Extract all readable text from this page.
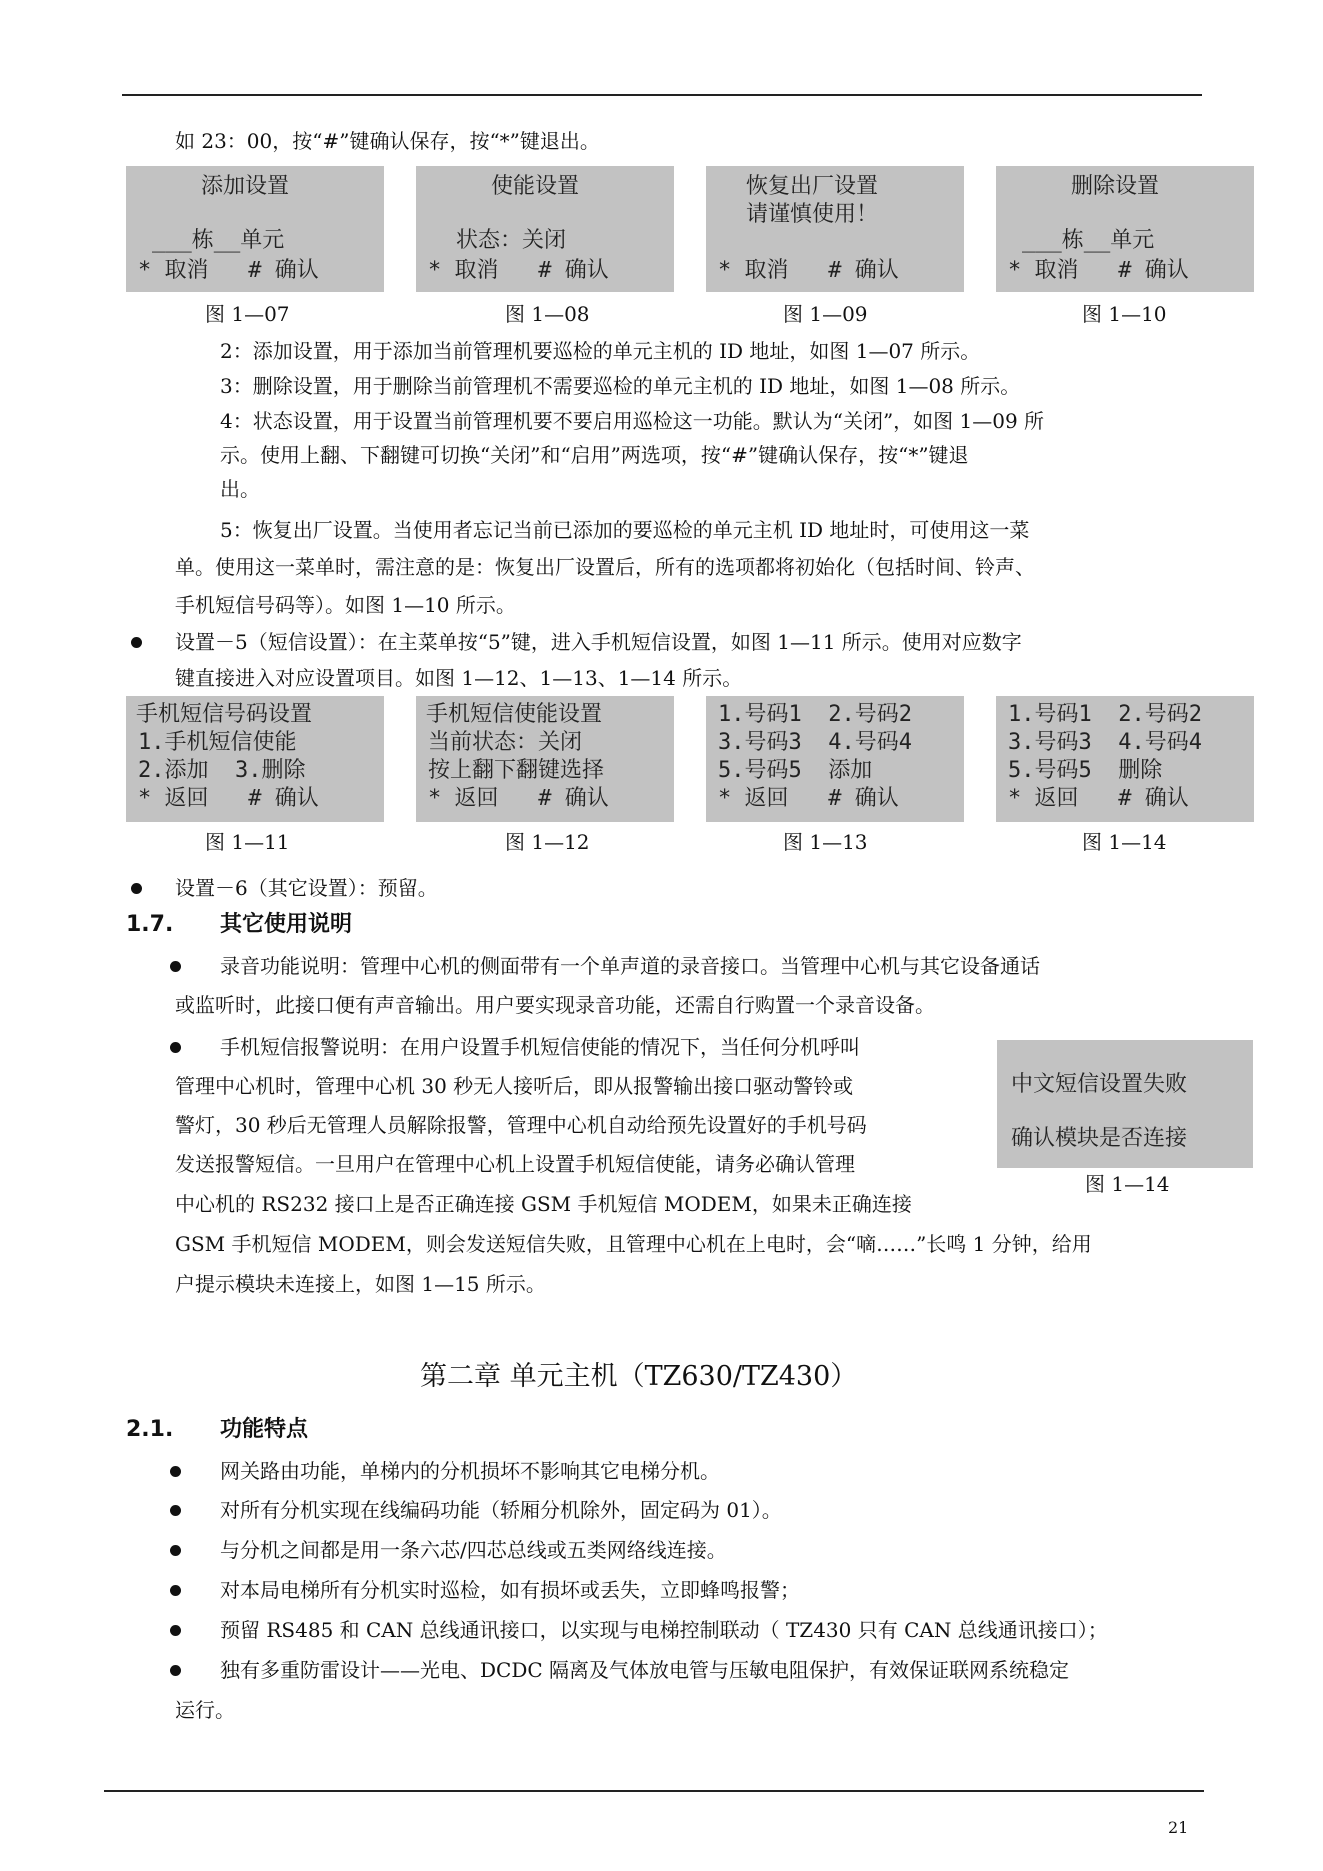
如 23：00，按“#”键确认保存，按“*”键退出。
添加设置
___栋__单元
* 取消   # 确认
图 1—07
使能设置
状态：关闭
* 取消   # 确认
图 1—08
恢复出厂设置
请谨慎使用！
* 取消   # 确认
图 1—09
删除设置
___栋__单元
* 取消   # 确认
图 1—10
2：添加设置，用于添加当前管理机要巡检的单元主机的 ID 地址，如图 1—07 所示。
3：删除设置，用于删除当前管理机不需要巡检的单元主机的 ID 地址，如图 1—08 所示。
4：状态设置，用于设置当前管理机要不要启用巡检这一功能。默认为“关闭”，如图 1—09 所
示。使用上翻、下翻键可切换“关闭”和“启用”两选项，按“#”键确认保存，按“*”键退
出。
5：恢复出厂设置。当使用者忘记当前已添加的要巡检的单元主机 ID 地址时，可使用这一菜
单。使用这一菜单时，需注意的是：恢复出厂设置后，所有的选项都将初始化（包括时间、铃声、
手机短信号码等）。如图 1—10 所示。
设置－5（短信设置）：在主菜单按“5”键，进入手机短信设置，如图 1—11 所示。使用对应数字
键直接进入对应设置项目。如图 1—12、1—13、1—14 所示。
手机短信号码设置
1.手机短信使能
2.添加  3.删除
* 返回   # 确认
图 1—11
手机短信使能设置
当前状态：关闭
按上翻下翻键选择
* 返回   # 确认
图 1—12
1.号码1  2.号码2
3.号码3  4.号码4
5.号码5  添加
* 返回   # 确认
图 1—13
1.号码1  2.号码2
3.号码3  4.号码4
5.号码5  删除
* 返回   # 确认
图 1—14
设置－6（其它设置）：预留。
1.7. 其它使用说明
录音功能说明：管理中心机的侧面带有一个单声道的录音接口。当管理中心机与其它设备通话
或监听时，此接口便有声音输出。用户要实现录音功能，还需自行购置一个录音设备。
手机短信报警说明：在用户设置手机短信使能的情况下，当任何分机呼叫
管理中心机时，管理中心机 30 秒无人接听后，即从报警输出接口驱动警铃或
警灯，30 秒后无管理人员解除报警，管理中心机自动给预先设置好的手机号码
发送报警短信。一旦用户在管理中心机上设置手机短信使能，请务必确认管理
中心机的 RS232 接口上是否正确连接 GSM 手机短信 MODEM，如果未正确连接
GSM 手机短信 MODEM，则会发送短信失败，且管理中心机在上电时，会“嘀……”长鸣 1 分钟，给用
户提示模块未连接上，如图 1—15 所示。
中文短信设置失败
确认模块是否连接
图 1—14
第二章 单元主机（TZ630/TZ430）
2.1. 功能特点
网关路由功能，单梯内的分机损坏不影响其它电梯分机。
对所有分机实现在线编码功能（轿厢分机除外，固定码为 01）。
与分机之间都是用一条六芯/四芯总线或五类网络线连接。
对本局电梯所有分机实时巡检，如有损坏或丢失，立即蜂鸣报警；
预留 RS485 和 CAN 总线通讯接口，以实现与电梯控制联动（ TZ430 只有 CAN 总线通讯接口）；
独有多重防雷设计——光电、DCDC 隔离及气体放电管与压敏电阻保护，有效保证联网系统稳定
运行。
21
